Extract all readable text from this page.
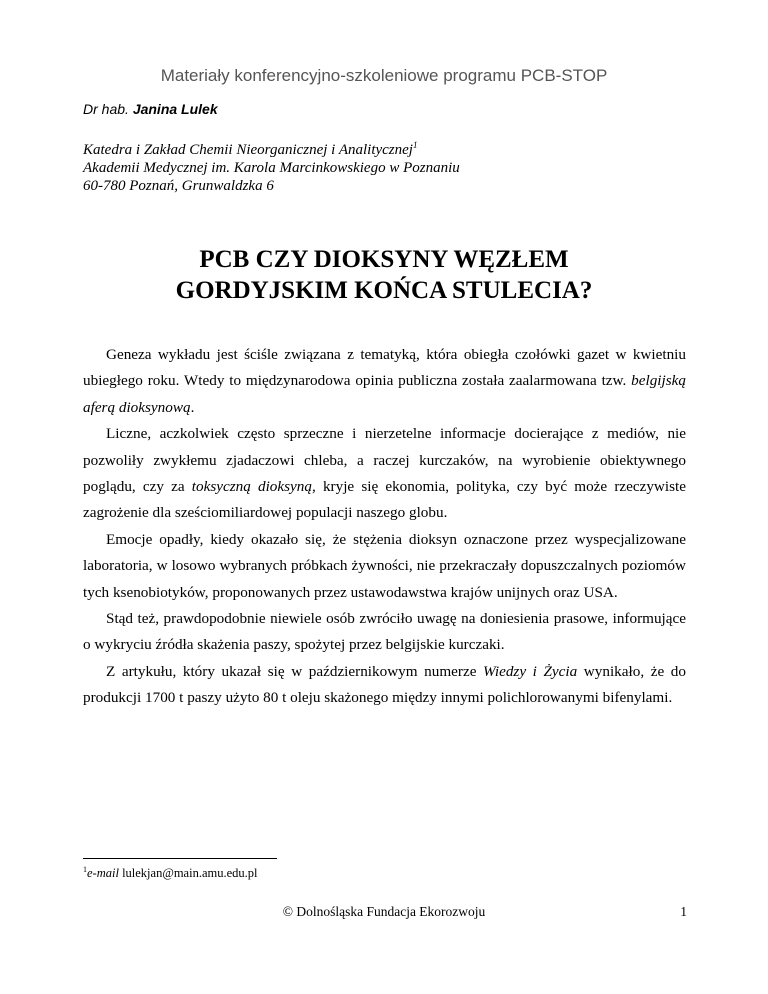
Materiały konferencyjno-szkoleniowe programu PCB-STOP
Dr hab. Janina Lulek
Katedra i Zakład Chemii Nieorganicznej i Analitycznej$^1$
Akademii Medycznej im. Karola Marcinkowskiego w Poznaniu
60-780 Poznań, Grunwaldzka 6
PCB CZY DIOKSYNY WĘZŁEM
GORDYJSKIM KOŃCA STULECIA?

Geneza wykładu jest ściśle związana z tematyką, która obiegła czołówki gazet w kwietniu ubiegłego roku. Wtedy to międzynarodowa opinia publiczna została zaalarmowana tzw. belgijską aferą dioksynową.

Liczne, aczkolwiek często sprzeczne i nierzetelne informacje docierające z mediów, nie pozwoliły zwykłemu zjadaczowi chleba, a raczej kurczaków, na wyrobienie obiektywnego poglądu, czy za toksyczną dioksyną, kryje się ekonomia, polityka, czy być może rzeczywiste zagrożenie dla sześciomiliardowej populacji naszego globu.

Emocje opadły, kiedy okazało się, że stężenia dioksyn oznaczone przez wyspecjalizowane laboratoria, w losowo wybranych próbkach żywności, nie przekraczały dopuszczalnych poziomów tych ksenobiotyków, proponowanych przez ustawodawstwa krajów unijnych oraz USA.

Stąd też, prawdopodobnie niewiele osób zwróciło uwagę na doniesienia prasowe, informujące o wykryciu źródła skażenia paszy, spożytej przez belgijskie kurczaki.

Z artykułu, który ukazał się w październikowym numerze Wiedzy i Życia wynikało, że do produkcji 1700 t paszy użyto 80 t oleju skażonego między innymi polichlorowanymi bifenylami.

$^1$e-mail lulekjan@main.amu.edu.pl
© Dolnośląska Fundacja Ekorozwoju	1
